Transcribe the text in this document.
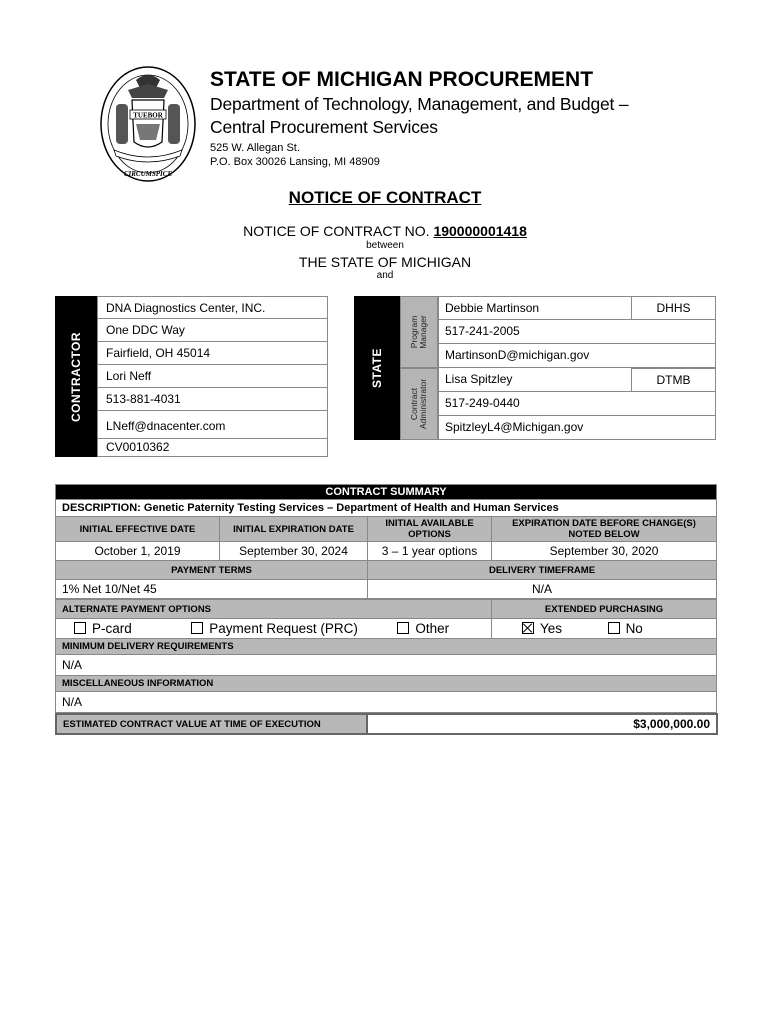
TUEBOR
CIRCUMSPICE
STATE OF MICHIGAN PROCUREMENT
Department of Technology, Management, and Budget –
Central Procurement Services
525 W. Allegan St.
P.O. Box 30026 Lansing, MI 48909
NOTICE OF CONTRACT
NOTICE OF CONTRACT NO. 190000001418
between
THE STATE OF MICHIGAN
and
CONTRACTOR
DNA Diagnostics Center, INC.
One DDC Way
Fairfield, OH 45014
Lori Neff
513-881-4031
LNeff@dnacenter.com
CV0010362
STATE
Program Manager
Contract Administrator
Debbie Martinson	DHHS
517-241-2005
MartinsonD@michigan.gov
Lisa Spitzley	DTMB
517-249-0440
SpitzleyL4@Michigan.gov
CONTRACT SUMMARY			
DESCRIPTION: Genetic Paternity Testing Services – Department of Health and Human Services			
INITIAL EFFECTIVE DATE	INITIAL EXPIRATION DATE	INITIAL AVAILABLE OPTIONS	EXPIRATION DATE BEFORE CHANGE(S) NOTED BELOW
October 1, 2019	September 30, 2024	3 – 1 year options	September 30, 2020
PAYMENT TERMS		DELIVERY TIMEFRAME	
1% Net 10/Net 45		N/A	
ALTERNATE PAYMENT OPTIONS	EXTENDED PURCHASING
P-card Payment Request (PRC) Other	Yes No
MINIMUM DELIVERY REQUIREMENTS	
N/A	
MISCELLANEOUS INFORMATION	
N/A	
ESTIMATED CONTRACT VALUE AT TIME OF EXECUTION	$3,000,000.00
